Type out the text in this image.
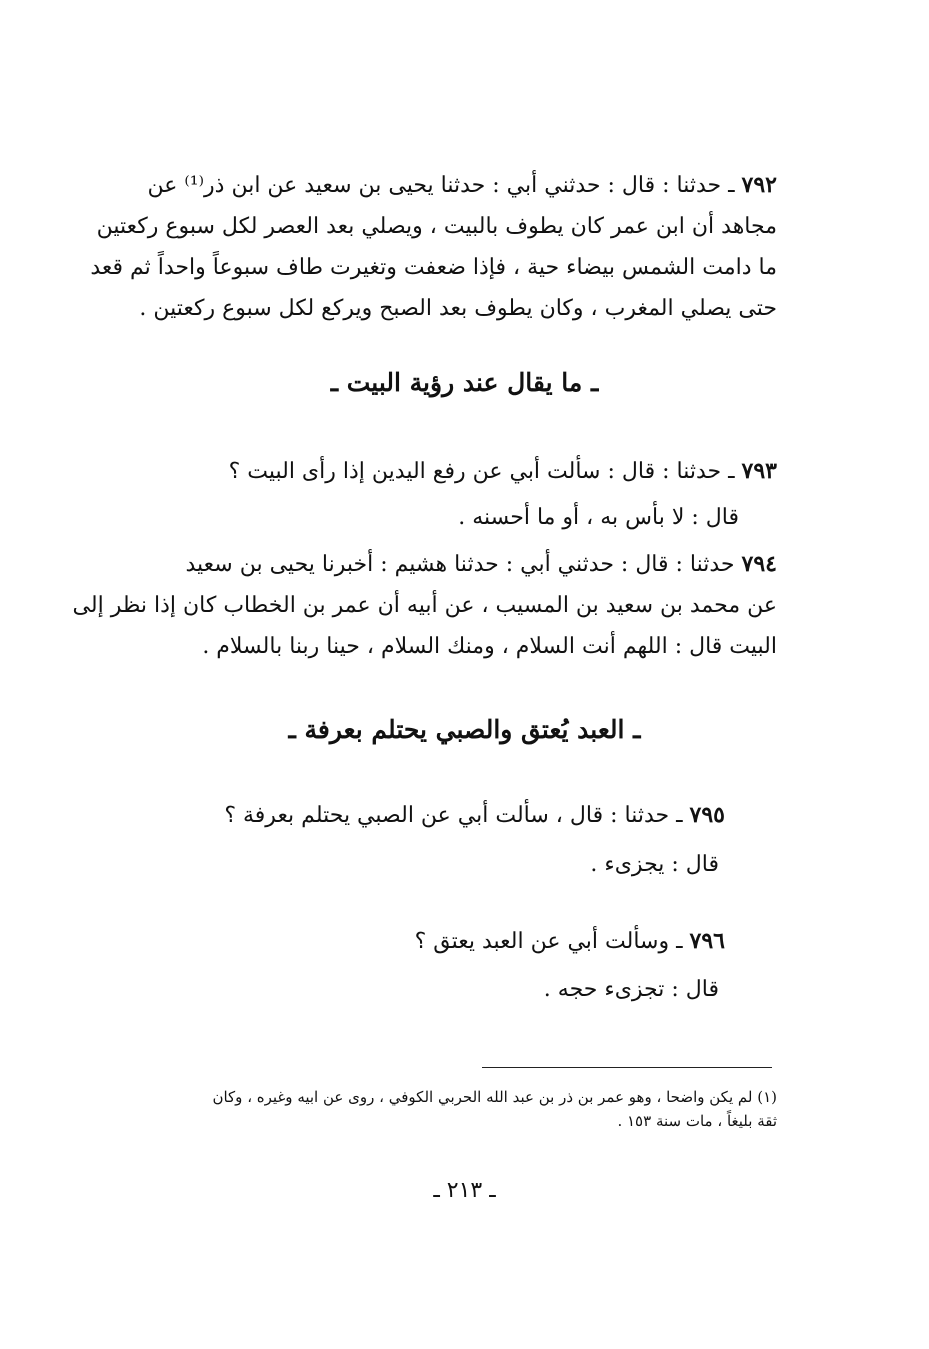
٧٩٢ ـ حدثنا : قال : حدثني أبي : حدثنا يحيى بن سعيد عن ابن ذر⁽¹⁾ عن
مجاهد أن ابن عمر كان يطوف بالبيت ، ويصلي بعد العصر لكل سبوع ركعتين
ما دامت الشمس بيضاء حية ، فإذا ضعفت وتغيرت طاف سبوعاً واحداً ثم قعد
حتى يصلي المغرب ، وكان يطوف بعد الصبح ويركع لكل سبوع ركعتين .
ـ ما يقال عند رؤية البيت ـ
٧٩٣ ـ حدثنا : قال : سألت أبي عن رفع اليدين إذا رأى البيت ؟
قال : لا بأس به ، أو ما أحسنه .
٧٩٤ حدثنا : قال : حدثني أبي : حدثنا هشيم : أخبرنا يحيى بن سعيد
عن محمد بن سعيد بن المسيب ، عن أبيه أن عمر بن الخطاب كان إذا نظر إلى
البيت قال : اللهم أنت السلام ، ومنك السلام ، حينا ربنا بالسلام .
ـ العبد يُعتق والصبي يحتلم بعرفة ـ
٧٩٥ ـ حدثنا : قال ، سألت أبي عن الصبي يحتلم بعرفة ؟
قال : يجزىء .
٧٩٦ ـ وسألت أبي عن العبد يعتق ؟
قال : تجزىء حجه .
(١) لم يكن واضحا ، وهو عمر بن ذر بن عبد الله الحربي الكوفي ، روى عن ابيه وغيره ، وكان
ثقة بليغاً ، مات سنة ١٥٣ .
ـ ٢١٣ ـ
